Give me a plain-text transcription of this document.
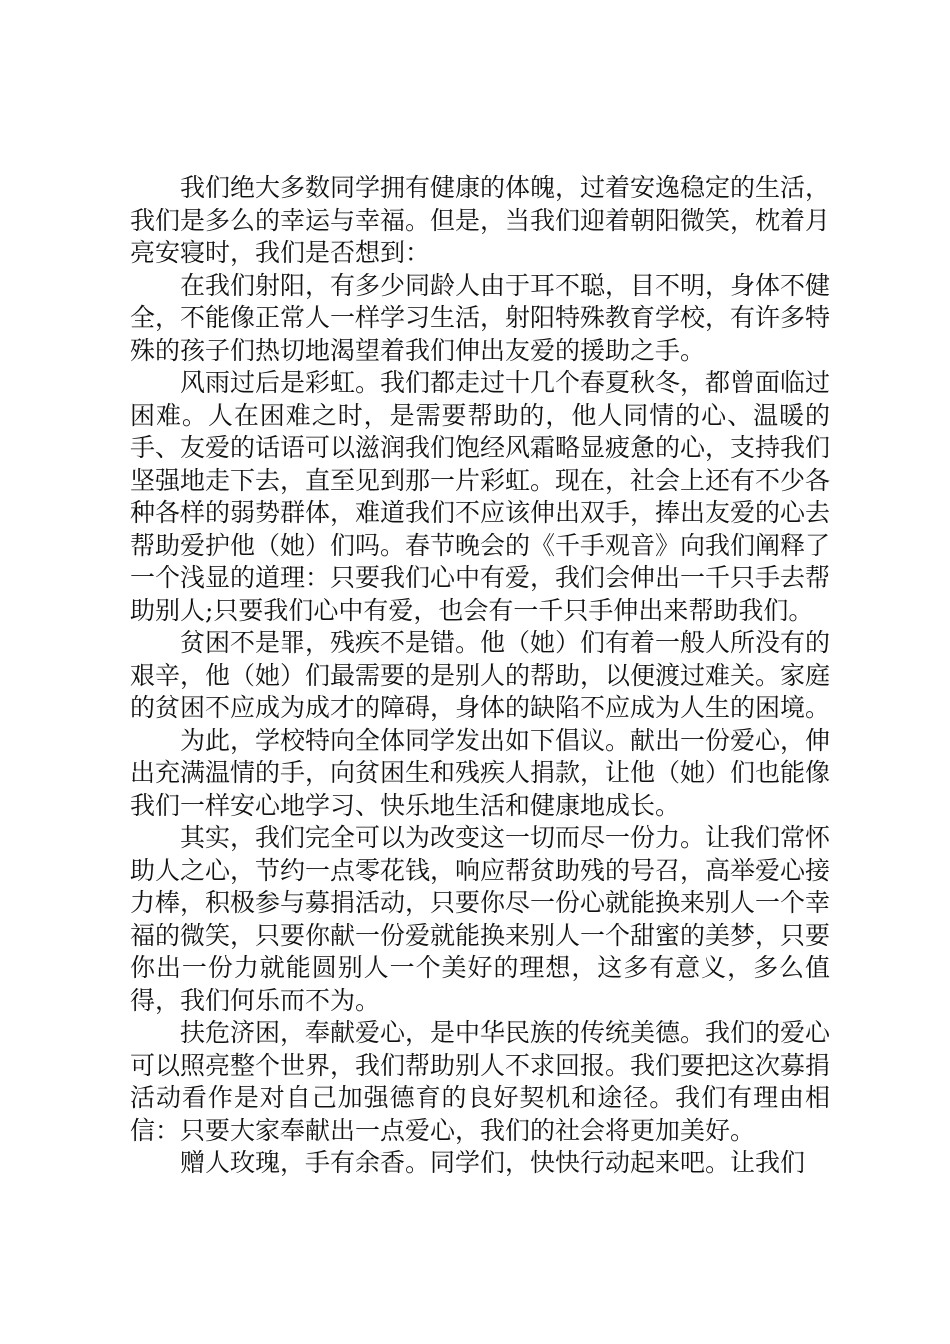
我们绝大多数同学拥有健康的体魄，过着安逸稳定的生活，我们是多么的幸运与幸福。但是，当我们迎着朝阳微笑，枕着月亮安寝时，我们是否想到：

在我们射阳，有多少同龄人由于耳不聪，目不明，身体不健全，不能像正常人一样学习生活，射阳特殊教育学校，有许多特殊的孩子们热切地渴望着我们伸出友爱的援助之手。

风雨过后是彩虹。我们都走过十几个春夏秋冬，都曾面临过困难。人在困难之时，是需要帮助的，他人同情的心、温暖的手、友爱的话语可以滋润我们饱经风霜略显疲惫的心，支持我们坚强地走下去，直至见到那一片彩虹。现在，社会上还有不少各种各样的弱势群体，难道我们不应该伸出双手，捧出友爱的心去帮助爱护他（她）们吗。春节晚会的《千手观音》向我们阐释了一个浅显的道理：只要我们心中有爱，我们会伸出一千只手去帮助别人;只要我们心中有爱，也会有一千只手伸出来帮助我们。

贫困不是罪，残疾不是错。他（她）们有着一般人所没有的艰辛，他（她）们最需要的是别人的帮助，以便渡过难关。家庭的贫困不应成为成才的障碍，身体的缺陷不应成为人生的困境。

为此，学校特向全体同学发出如下倡议。献出一份爱心，伸出充满温情的手，向贫困生和残疾人捐款，让他（她）们也能像我们一样安心地学习、快乐地生活和健康地成长。

其实，我们完全可以为改变这一切而尽一份力。让我们常怀助人之心，节约一点零花钱，响应帮贫助残的号召，高举爱心接力棒，积极参与募捐活动，只要你尽一份心就能换来别人一个幸福的微笑，只要你献一份爱就能换来别人一个甜蜜的美梦，只要你出一份力就能圆别人一个美好的理想，这多有意义，多么值得，我们何乐而不为。

扶危济困，奉献爱心，是中华民族的传统美德。我们的爱心可以照亮整个世界，我们帮助别人不求回报。我们要把这次募捐活动看作是对自己加强德育的良好契机和途径。我们有理由相信：只要大家奉献出一点爱心，我们的社会将更加美好。

赠人玫瑰，手有余香。同学们，快快行动起来吧。让我们
